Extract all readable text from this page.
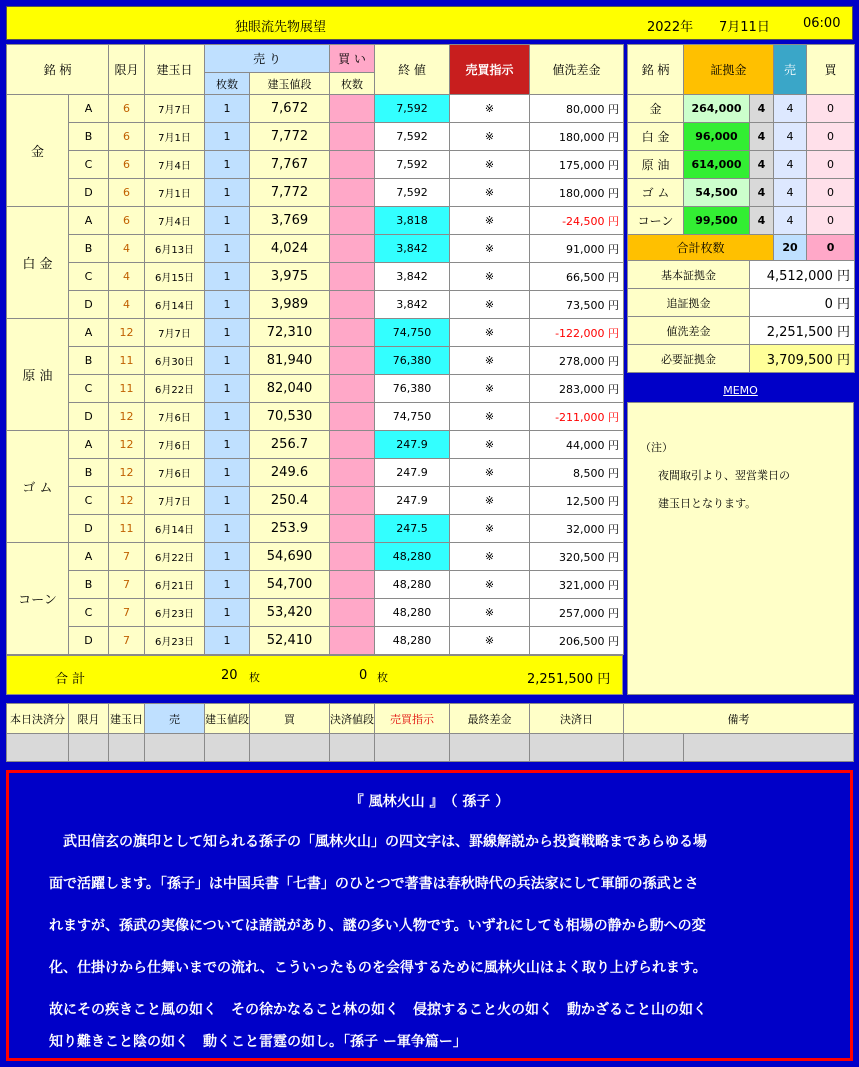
独眼流先物展望	2022年 7月11日	06:00
銘 柄		限月	建玉日	売 り		買 い	終 値	売買指示	値洗差金
				枚数	建玉値段	枚数			
金	A	6	7月7日	1	7,672		7,592	※	80,000 円
	B	6	7月1日	1	7,772		7,592	※	180,000 円
	C	6	7月4日	1	7,767		7,592	※	175,000 円
	D	6	7月1日	1	7,772		7,592	※	180,000 円
白 金	A	6	7月4日	1	3,769		3,818	※	-24,500 円
	B	4	6月13日	1	4,024		3,842	※	91,000 円
	C	4	6月15日	1	3,975		3,842	※	66,500 円
	D	4	6月14日	1	3,989		3,842	※	73,500 円
原 油	A	12	7月7日	1	72,310		74,750	※	-122,000 円
	B	11	6月30日	1	81,940		76,380	※	278,000 円
	C	11	6月22日	1	82,040		76,380	※	283,000 円
	D	12	7月6日	1	70,530		74,750	※	-211,000 円
ゴ ム	A	12	7月6日	1	256.7		247.9	※	44,000 円
	B	12	7月6日	1	249.6		247.9	※	8,500 円
	C	12	7月7日	1	250.4		247.9	※	12,500 円
	D	11	6月14日	1	253.9		247.5	※	32,000 円
コーン	A	7	6月22日	1	54,690		48,280	※	320,500 円
	B	7	6月21日	1	54,700		48,280	※	321,000 円
	C	7	6月23日	1	53,420		48,280	※	257,000 円
	D	7	6月23日	1	52,410		48,280	※	206,500 円
合 計	20 枚	0 枚	2,251,500 円
銘 柄	証拠金		売	買
金	264,000	4	4	0
白 金	96,000	4	4	0
原 油	614,000	4	4	0
ゴ ム	54,500	4	4	0
コーン	99,500	4	4	0
合計枚数			20	0
基本証拠金		4,512,000 円		
追証拠金		0 円		
値洗差金		2,251,500 円		
必要証拠金		3,709,500 円		
MEMO
（注）
夜間取引より、翌営業日の
建玉日となります。
本日決済分	限月	建玉日	売	建玉値段	買	決済値段	売買指示	最終差金	決済日	備考	

『 風林火山 』　（ 孫子 ）
　武田信玄の旗印として知られる孫子の「風林火山」の四文字は、罫線解説から投資戦略まであらゆる場
面で活躍します。「孫子」は中国兵書「七書」のひとつで著書は春秋時代の兵法家にして軍師の孫武とさ
れますが、孫武の実像については諸説があり、謎の多い人物です。いずれにしても相場の静から動への変
化、仕掛けから仕舞いまでの流れ、こういったものを会得するために風林火山はよく取り上げられます。
故にその疾きこと風の如く　その徐かなること林の如く　侵掠すること火の如く　動かざること山の如く
知り難きこと陰の如く　動くこと雷霆の如し。「孫子 ー軍争篇ー」
